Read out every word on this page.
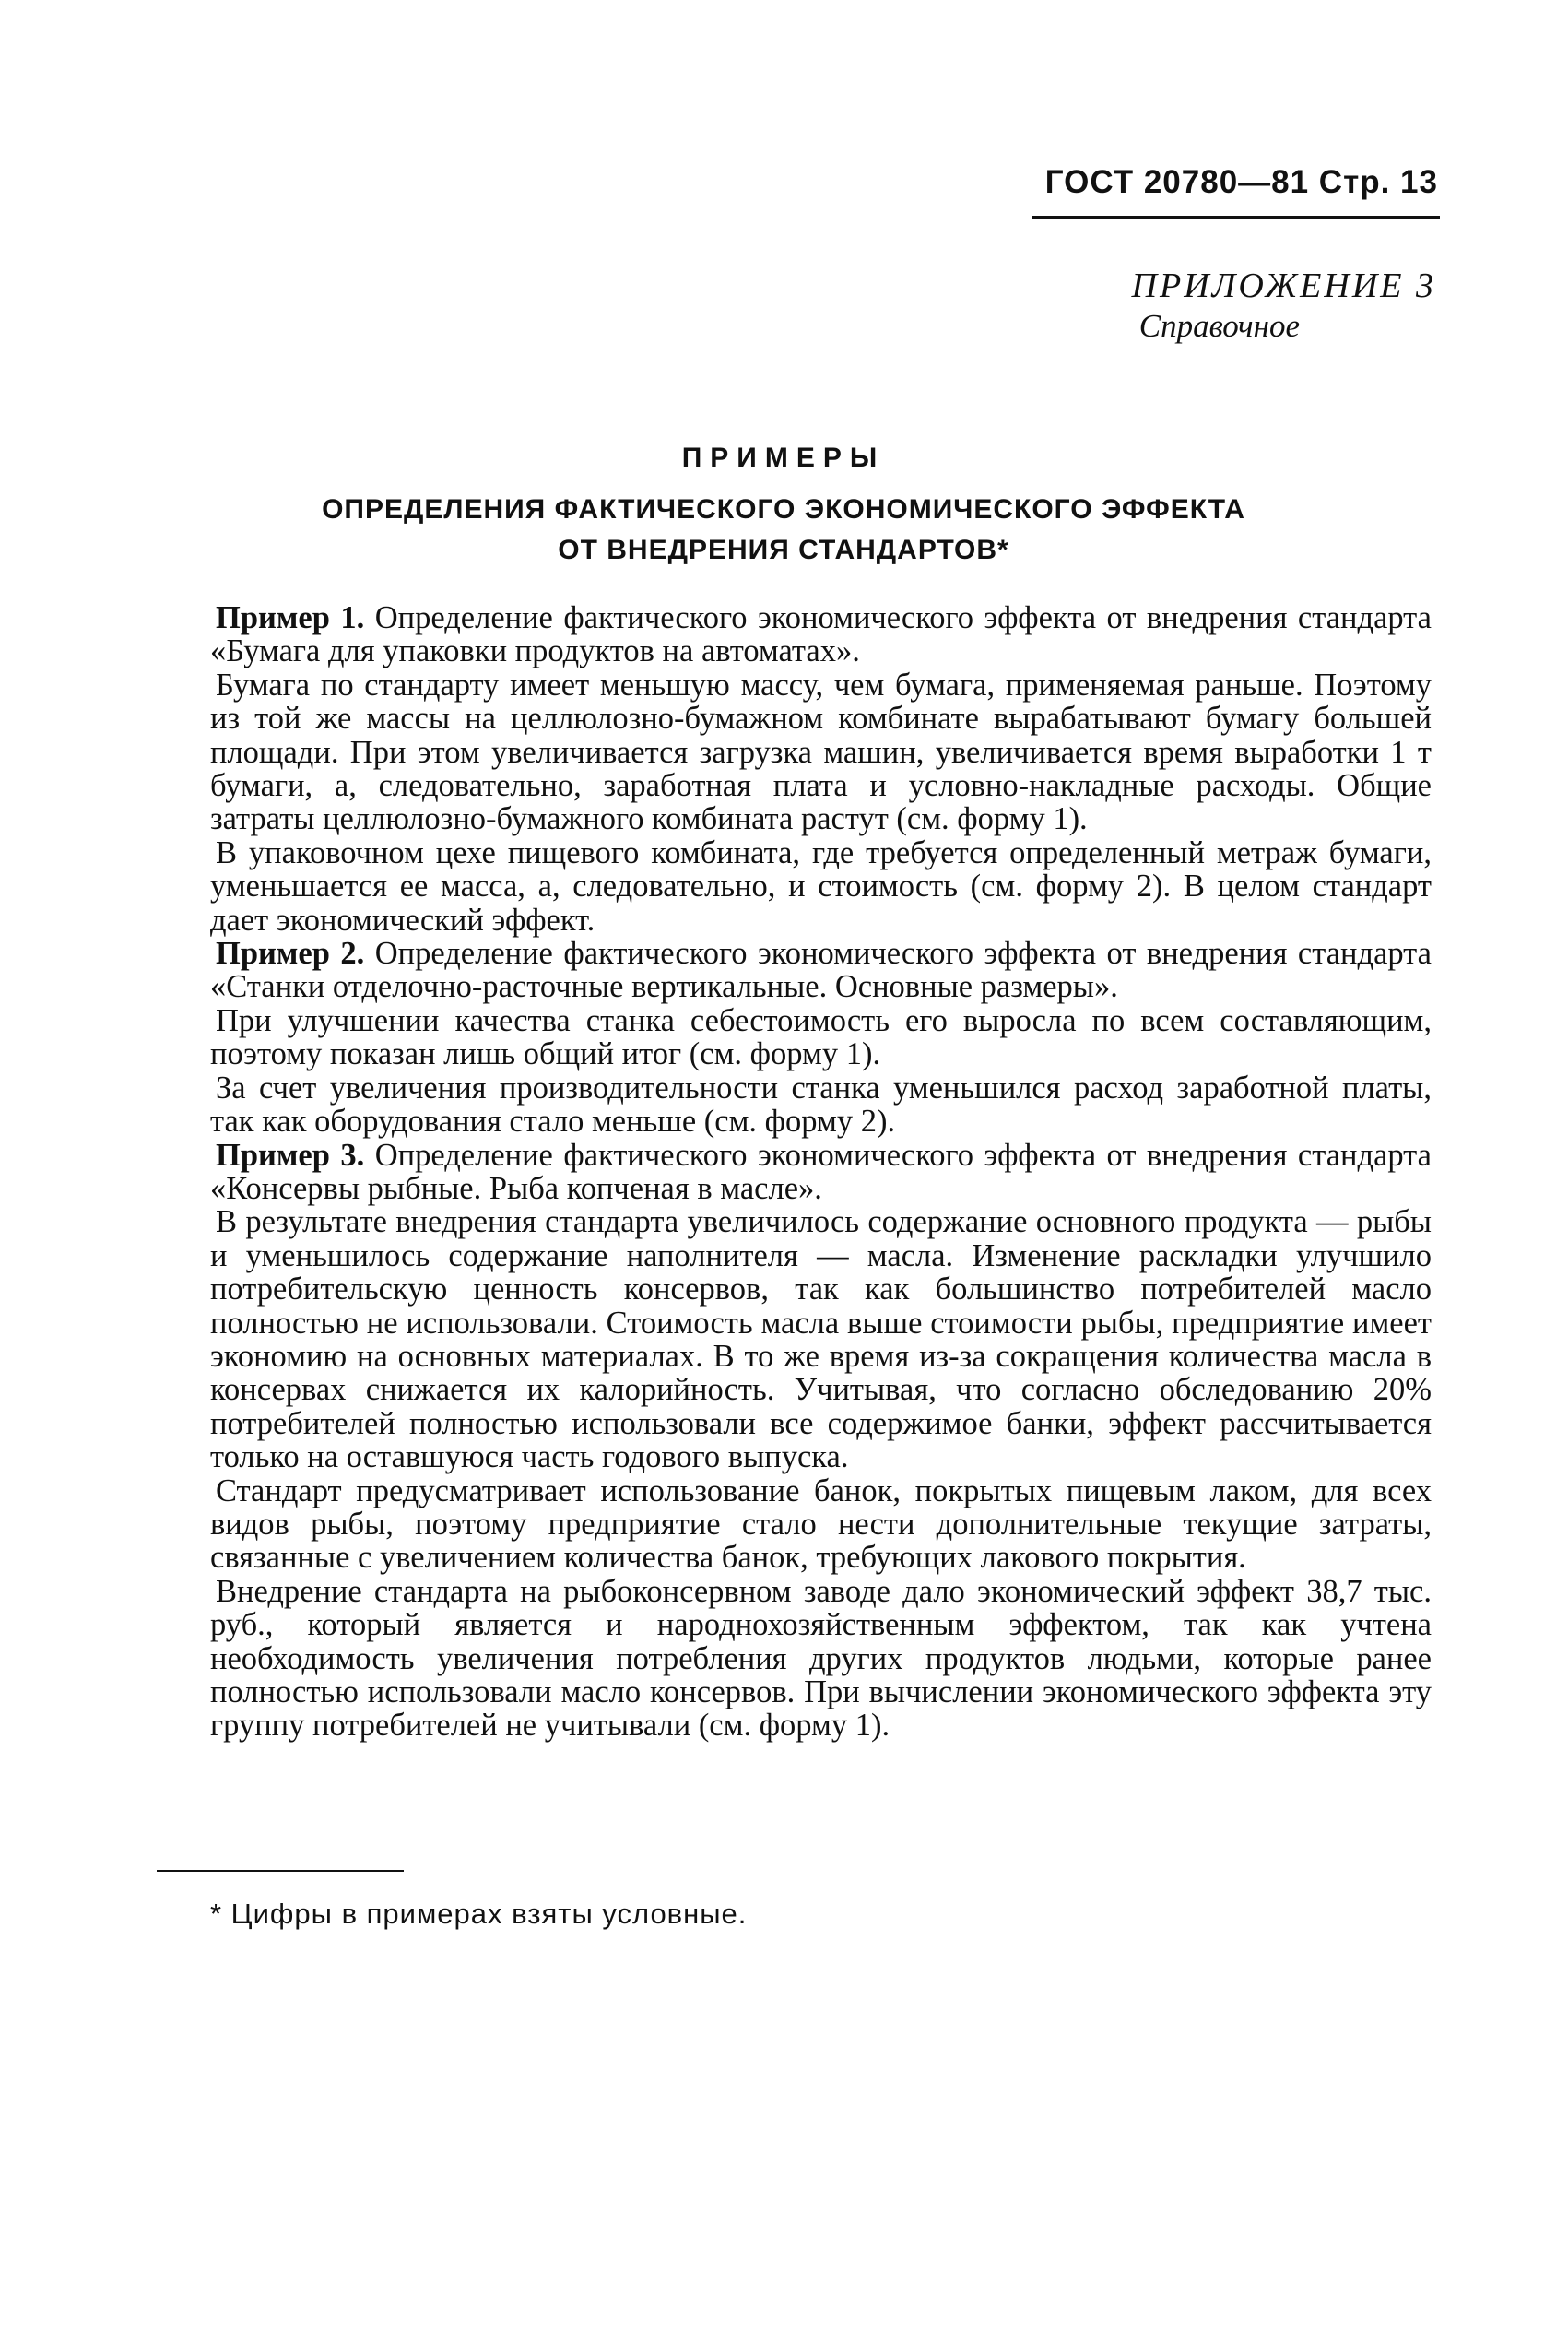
ГОСТ 20780—81 Стр. 13
ПРИЛОЖЕНИЕ 3
Справочное
ПРИМЕРЫ
ОПРЕДЕЛЕНИЯ ФАКТИЧЕСКОГО ЭКОНОМИЧЕСКОГО ЭФФЕКТА
ОТ ВНЕДРЕНИЯ СТАНДАРТОВ*

Пример 1. Определение фактического экономического эффекта от внедрения стандарта «Бумага для упаковки продуктов на автоматах».

Бумага по стандарту имеет меньшую массу, чем бумага, применяемая раньше. Поэтому из той же массы на целлюлозно-бумажном комбинате вырабатывают бумагу большей площади. При этом увеличивается загрузка машин, увеличивается время выработки 1 т бумаги, а, следовательно, заработная плата и условно-накладные расходы. Общие затраты целлюлозно-бумажного комбината растут (см. форму 1).

В упаковочном цехе пищевого комбината, где требуется определенный метраж бумаги, уменьшается ее масса, а, следовательно, и стоимость (см. форму 2). В целом стандарт дает экономический эффект.

Пример 2. Определение фактического экономического эффекта от внедрения стандарта «Станки отделочно-расточные вертикальные. Основные размеры».

При улучшении качества станка себестоимость его выросла по всем составляющим, поэтому показан лишь общий итог (см. форму 1).

За счет увеличения производительности станка уменьшился расход заработной платы, так как оборудования стало меньше (см. форму 2).

Пример 3. Определение фактического экономического эффекта от внедрения стандарта «Консервы рыбные. Рыба копченая в масле».

В результате внедрения стандарта увеличилось содержание основного продукта — рыбы и уменьшилось содержание наполнителя — масла. Изменение раскладки улучшило потребительскую ценность консервов, так как большинство потребителей масло полностью не использовали. Стоимость масла выше стоимости рыбы, предприятие имеет экономию на основных материалах. В то же время из-за сокращения количества масла в консервах снижается их калорийность. Учитывая, что согласно обследованию 20% потребителей полностью использовали все содержимое банки, эффект рассчитывается только на оставшуюся часть годового выпуска.

Стандарт предусматривает использование банок, покрытых пищевым лаком, для всех видов рыбы, поэтому предприятие стало нести дополнительные текущие затраты, связанные с увеличением количества банок, требующих лакового покрытия.

Внедрение стандарта на рыбоконсервном заводе дало экономический эффект 38,7 тыс. руб., который является и народнохозяйственным эффектом, так как учтена необходимость увеличения потребления других продуктов людьми, которые ранее полностью использовали масло консервов. При вычислении экономического эффекта эту группу потребителей не учитывали (см. форму 1).

* Цифры в примерах взяты условные.
